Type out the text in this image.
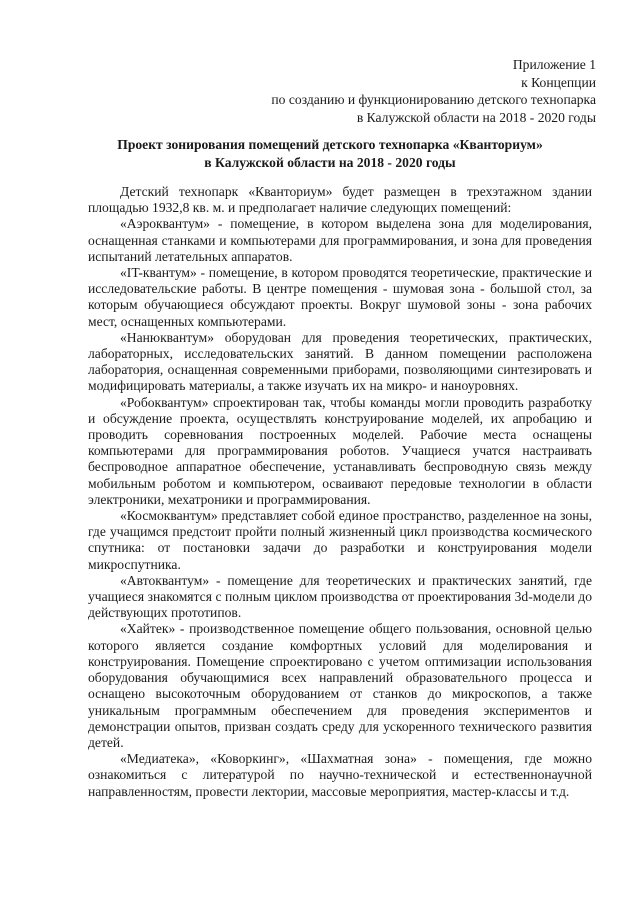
Приложение 1
к Концепции
по созданию и функционированию детского технопарка
в Калужской области на 2018 - 2020 годы
Проект зонирования помещений детского технопарка «Кванториум»
в Калужской области на 2018 - 2020 годы

Детский технопарк «Кванториум» будет размещен в трехэтажном здании площадью 1932,8 кв. м. и предполагает наличие следующих помещений:

«Аэроквантум» - помещение, в котором выделена зона для моделирования, оснащенная станками и компьютерами для программирования, и зона для проведения испытаний летательных аппаратов.

«IT-квантум» - помещение, в котором проводятся теоретические, практические и исследовательские работы. В центре помещения - шумовая зона - большой стол, за которым обучающиеся обсуждают проекты. Вокруг шумовой зоны - зона рабочих мест, оснащенных компьютерами.

«Нанюквантум» оборудован для проведения теоретических, практических, лабораторных, исследовательских занятий. В данном помещении расположена лаборатория, оснащенная современными приборами, позволяющими синтезировать и модифицировать материалы, а также изучать их на микро- и наноуровнях.

«Робоквантум» спроектирован так, чтобы команды могли проводить разработку и обсуждение проекта, осуществлять конструирование моделей, их апробацию и проводить соревнования построенных моделей. Рабочие места оснащены компьютерами для программирования роботов. Учащиеся учатся настраивать беспроводное аппаратное обеспечение, устанавливать беспроводную связь между мобильным роботом и компьютером, осваивают передовые технологии в области электроники, мехатроники и программирования.

«Космоквантум» представляет собой единое пространство, разделенное на зоны, где учащимся предстоит пройти полный жизненный цикл производства космического спутника: от постановки задачи до разработки и конструирования модели микроспутника.

«Автоквантум» - помещение для теоретических и практических занятий, где учащиеся знакомятся с полным циклом производства от проектирования 3d-модели до действующих прототипов.

«Хайтек» - производственное помещение общего пользования, основной целью которого является создание комфортных условий для моделирования и конструирования. Помещение спроектировано с учетом оптимизации использования оборудования обучающимися всех направлений образовательного процесса и оснащено высокоточным оборудованием от станков до микроскопов, а также уникальным программным обеспечением для проведения экспериментов и демонстрации опытов, призван создать среду для ускоренного технического развития детей.

«Медиатека», «Коворкинг», «Шахматная зона» - помещения, где можно ознакомиться с литературой по научно-технической и естественнонаучной направленностям, провести лектории, массовые мероприятия, мастер-классы и т.д.
